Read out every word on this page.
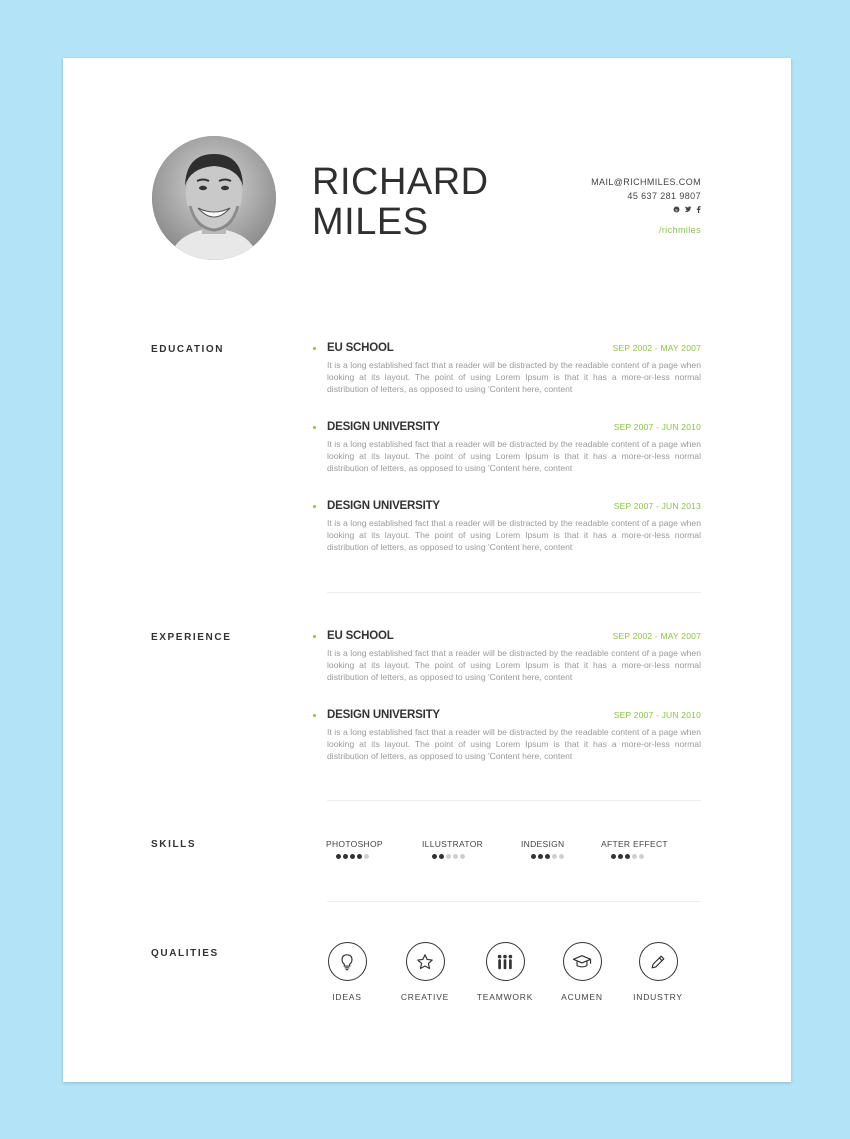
RICHARD
MILES
MAIL@RICHMILES.COM
45 637 281 9807
s
/richmiles
EDUCATION	EU SCHOOL	SEP 2002 - MAY 2007
It is a long established fact that a reader will be distracted by the readable content of a page when looking at its layout. The point of using Lorem Ipsum is that it has a more-or-less normal distribution of letters, as opposed to using 'Content here, content
DESIGN UNIVERSITY	SEP 2007 - JUN 2010
It is a long established fact that a reader will be distracted by the readable content of a page when looking at its layout. The point of using Lorem Ipsum is that it has a more-or-less normal distribution of letters, as opposed to using 'Content here, content
DESIGN UNIVERSITY	SEP 2007 - JUN 2013
It is a long established fact that a reader will be distracted by the readable content of a page when looking at its layout. The point of using Lorem Ipsum is that it has a more-or-less normal distribution of letters, as opposed to using 'Content here, content
EXPERIENCE	EU SCHOOL	SEP 2002 - MAY 2007
It is a long established fact that a reader will be distracted by the readable content of a page when looking at its layout. The point of using Lorem Ipsum is that it has a more-or-less normal distribution of letters, as opposed to using 'Content here, content
DESIGN UNIVERSITY	SEP 2007 - JUN 2010
It is a long established fact that a reader will be distracted by the readable content of a page when looking at its layout. The point of using Lorem Ipsum is that it has a more-or-less normal distribution of letters, as opposed to using 'Content here, content
SKILLS	PHOTOSHOP	ILLUSTRATOR	INDESIGN	AFTER EFFECT
QUALITIES
IDEAS	CREATIVE	TEAMWORK	ACUMEN	INDUSTRY
